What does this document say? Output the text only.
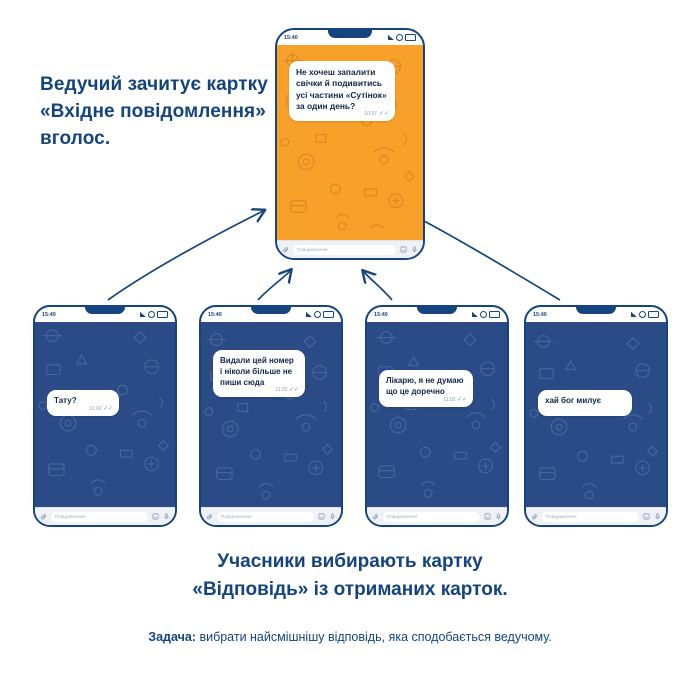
Ведучий зачитує картку «Вхідне повідомлення» вголос.
15:40
Не хочеш запалити свічки й подивитись усі частини «Сутінок» за один день?
10:37 ✓✓
Повідомлення
15:40
Тату?
11:02 ✓✓
Повідомлення
15:40
Видали цей номер і ніколи більше не пиши сюда
11:02 ✓✓
Повідомлення
15:40
Лікарю, я не думаю що це доречно
11:02 ✓✓
Повідомлення
15:40
хай бог милує
Повідомлення
Учасники вибирають картку
«Відповідь» із отриманих карток.
Задача: вибрати найсмішнішу відповідь, яка сподобається ведучому.
